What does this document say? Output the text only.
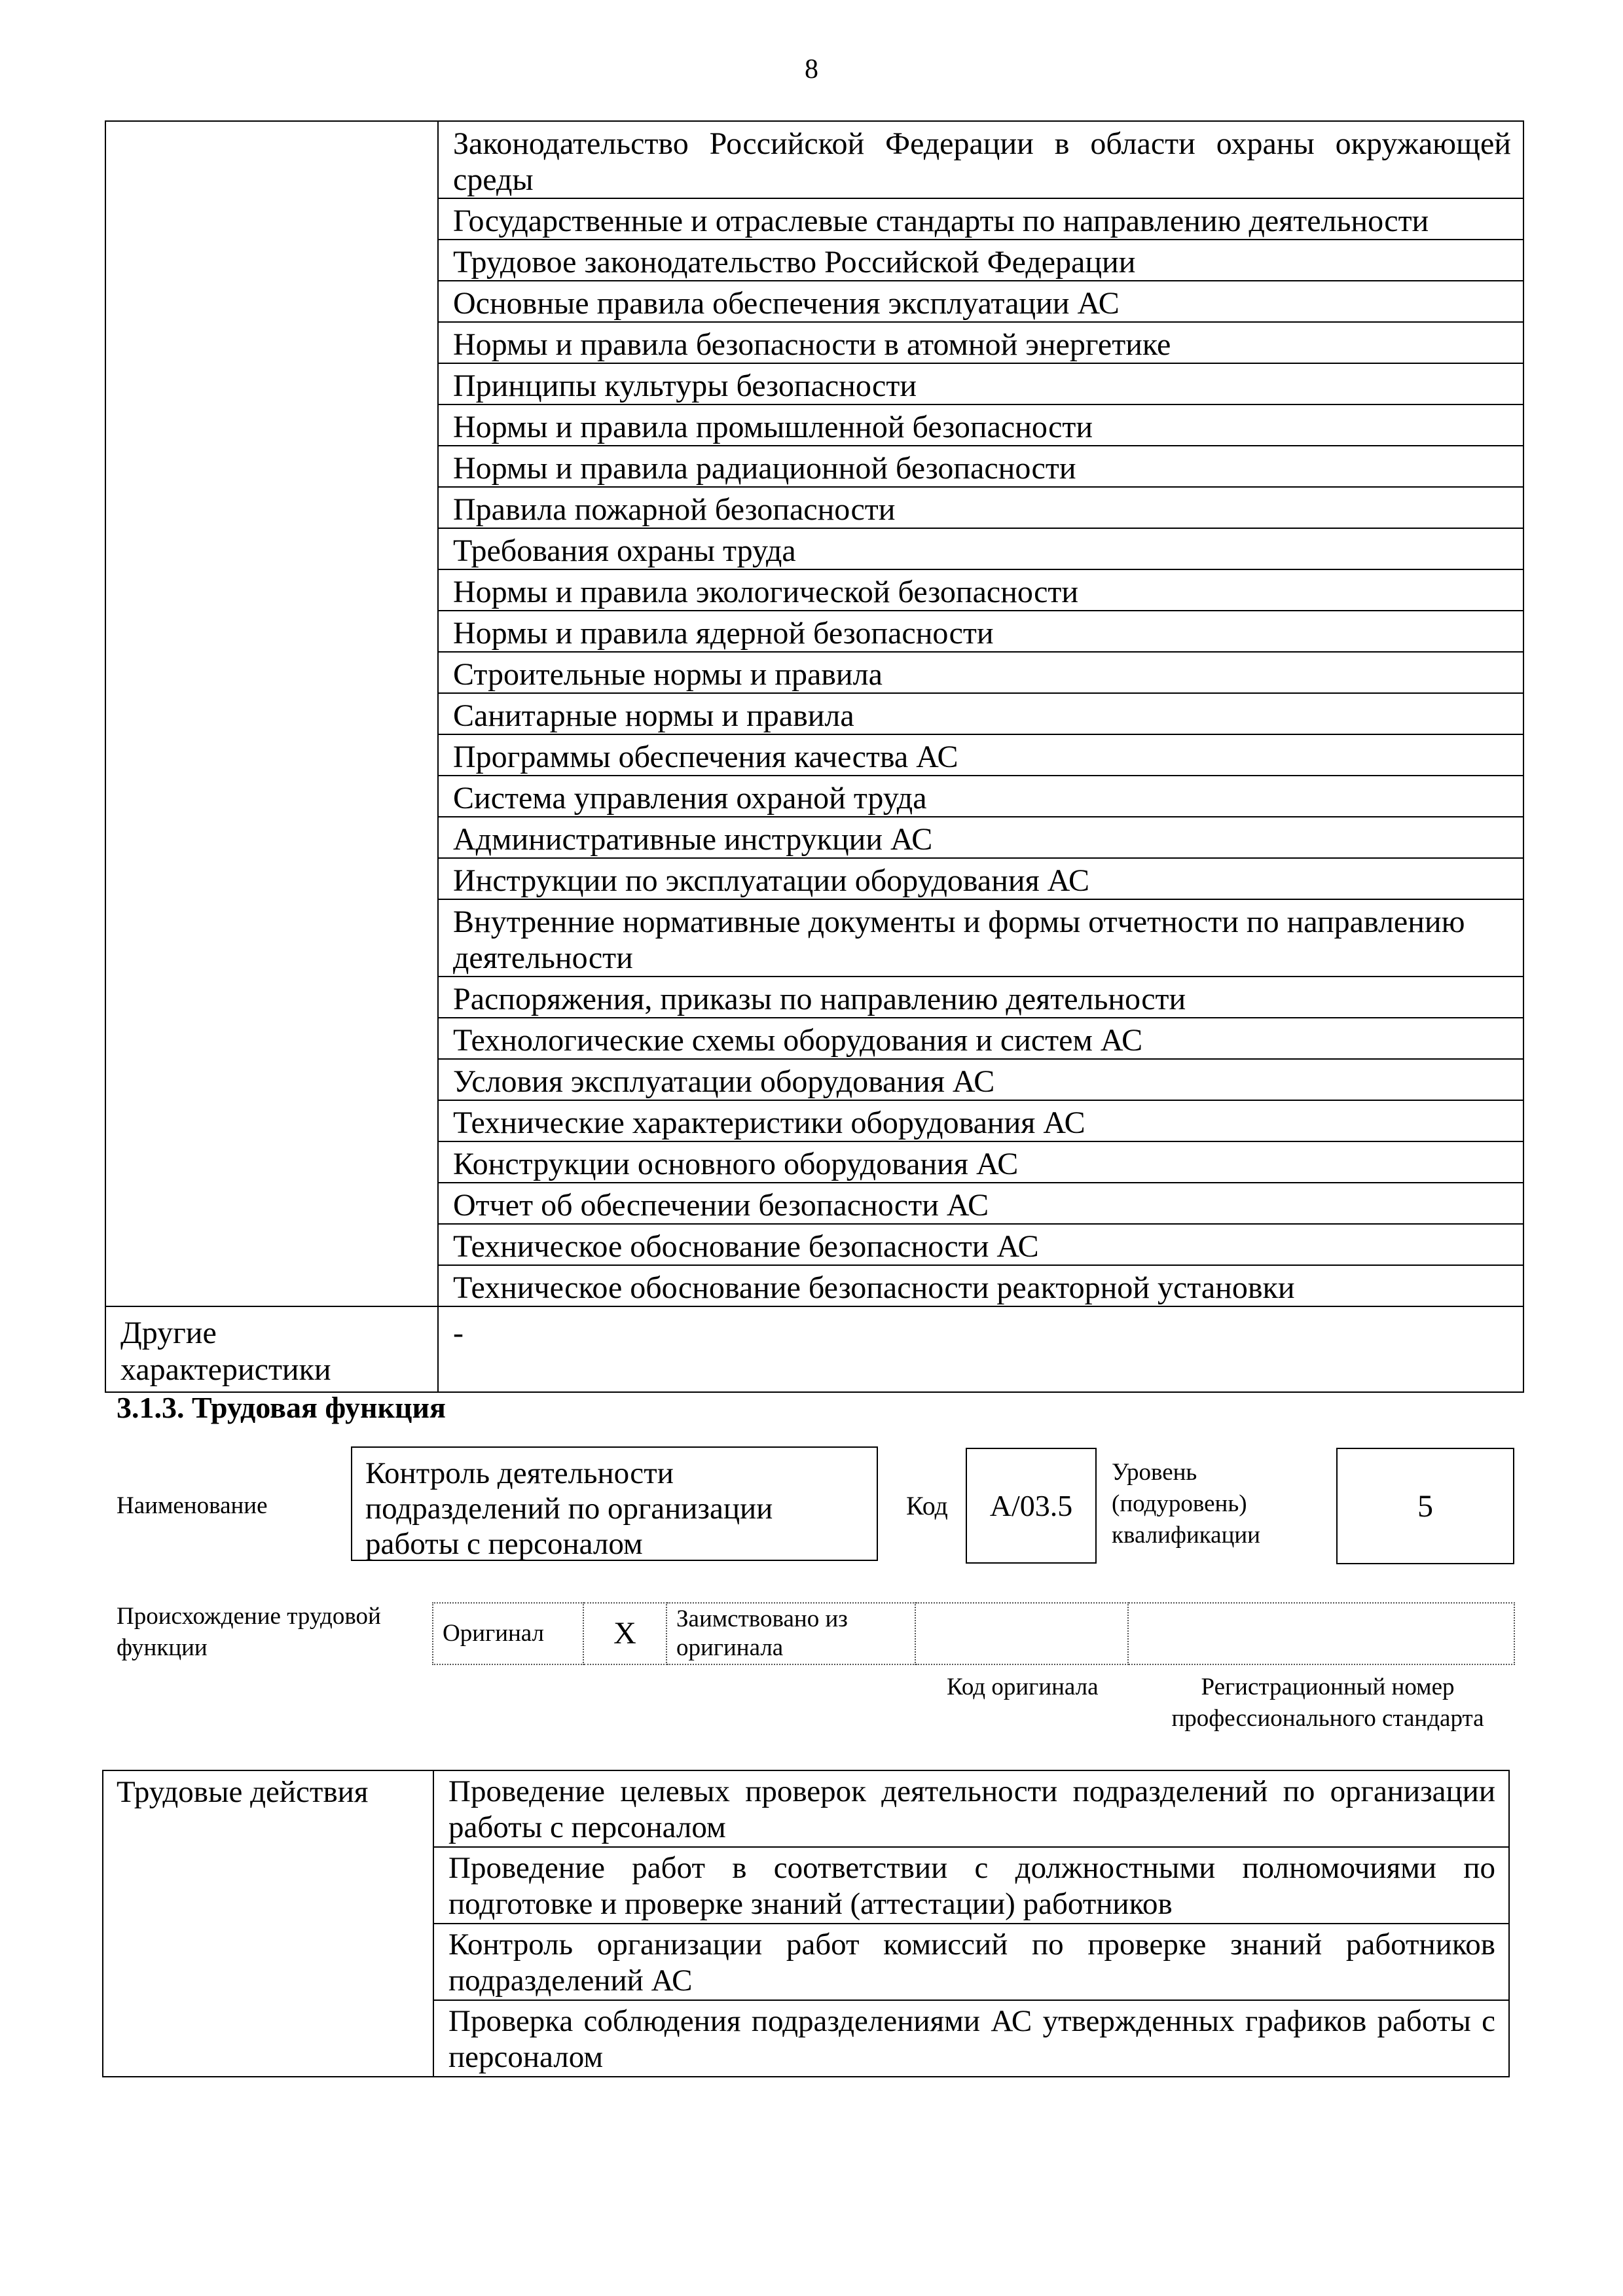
8
	Законодательство Российской Федерации в области охраны окружающей среды
	Государственные и отраслевые стандарты по направлению деятельности
	Трудовое законодательство Российской Федерации
	Основные правила обеспечения эксплуатации АС
	Нормы и правила безопасности в атомной энергетике
	Принципы культуры безопасности
	Нормы и правила промышленной безопасности
	Нормы и правила радиационной безопасности
	Правила пожарной безопасности
	Требования охраны труда
	Нормы и правила экологической безопасности
	Нормы и правила ядерной безопасности
	Строительные нормы и правила
	Санитарные нормы и правила
	Программы обеспечения качества АС
	Система управления охраной труда
	Административные инструкции АС
	Инструкции по эксплуатации оборудования АС
	Внутренние нормативные документы и формы отчетности по направлению деятельности
	Распоряжения, приказы по направлению деятельности
	Технологические схемы оборудования и систем АС
	Условия эксплуатации оборудования АС
	Технические характеристики оборудования АС
	Конструкции основного оборудования АС
	Отчет об обеспечении безопасности АС
	Техническое обоснование безопасности АС
	Техническое обоснование безопасности реакторной установки
Другие характеристики	-
3.1.3. Трудовая функция
Наименование
Контроль деятельности подразделений по организации работы с персоналом
Код А/03.5
Уровень (подуровень) квалификации
5
Происхождение трудовой функции
Оригинал	X	Заимствовано из оригинала		
Код оригинала	Регистрационный номер профессионального стандарта
Трудовые действия	Проведение целевых проверок деятельности подразделений по организации работы с персоналом
Проведение работ в соответствии с должностными полномочиями по подготовке и проверке знаний (аттестации) работников
Контроль организации работ комиссий по проверке знаний работников подразделений АС
Проверка соблюдения подразделениями АС утвержденных графиков работы с персоналом
